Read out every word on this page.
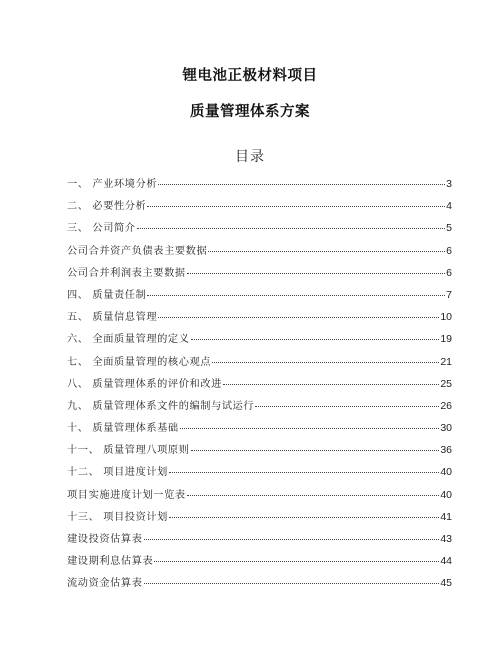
锂电池正极材料项目
质量管理体系方案
目录
一、 产业环境分析	3
二、 必要性分析	4
三、 公司简介	5
公司合并资产负债表主要数据	6
公司合并利润表主要数据	6
四、 质量责任制	7
五、 质量信息管理	10
六、 全面质量管理的定义	19
七、 全面质量管理的核心观点	21
八、 质量管理体系的评价和改进	25
九、 质量管理体系文件的编制与试运行	26
十、 质量管理体系基础	30
十一、 质量管理八项原则	36
十二、 项目进度计划	40
项目实施进度计划一览表	40
十三、 项目投资计划	41
建设投资估算表	43
建设期利息估算表	44
流动资金估算表	45
